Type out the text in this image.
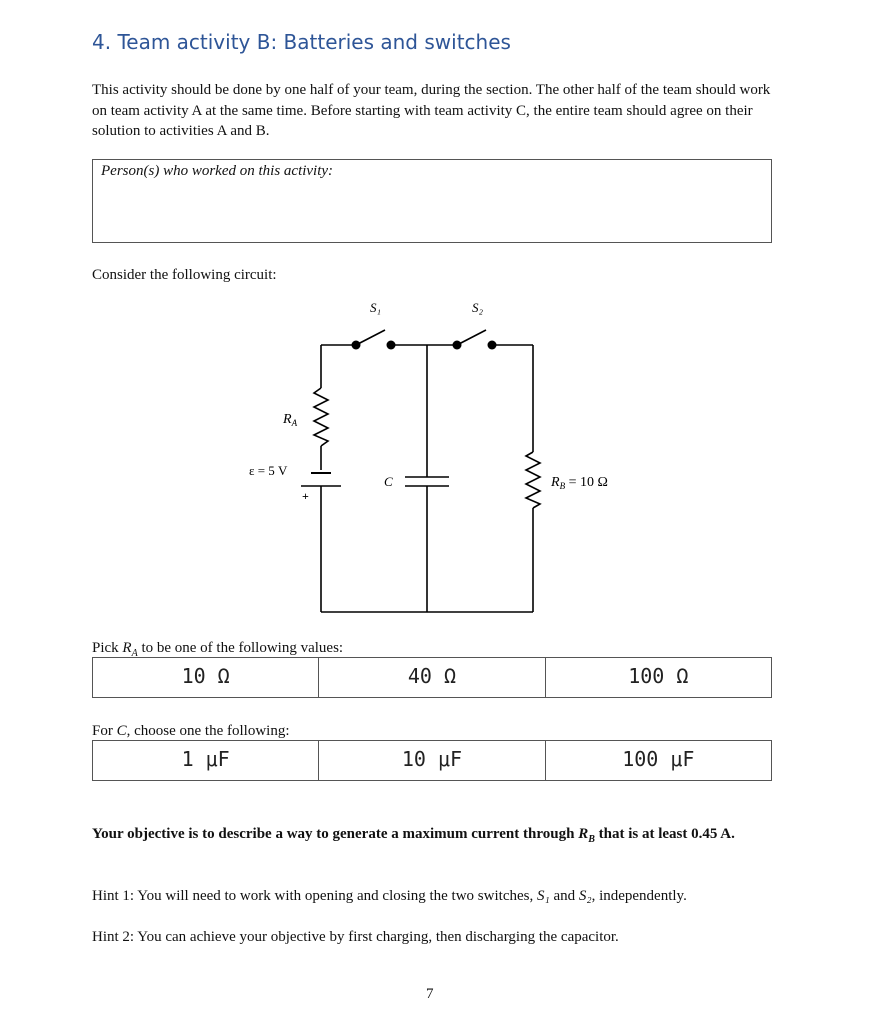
4. Team activity B: Batteries and switches
This activity should be done by one half of your team, during the section. The other half of the team should work on team activity A at the same time. Before starting with team activity C, the entire team should agree on their solution to activities A and B.
Person(s) who worked on this activity:
Consider the following circuit:
S₁	S₂
$R_A$
ε = 5 V
+
C	$R_B = 10$ Ω
Pick $R_A$ to be one of the following values:
10 Ω	40 Ω	100 Ω
For C, choose one the following:
1 μF	10 μF	100 μF
Your objective is to describe a way to generate a maximum current through $R_B$ that is at least 0.45 A.
Hint 1: You will need to work with opening and closing the two switches, S₁ and S₂, independently.
Hint 2: You can achieve your objective by first charging, then discharging the capacitor.
7
